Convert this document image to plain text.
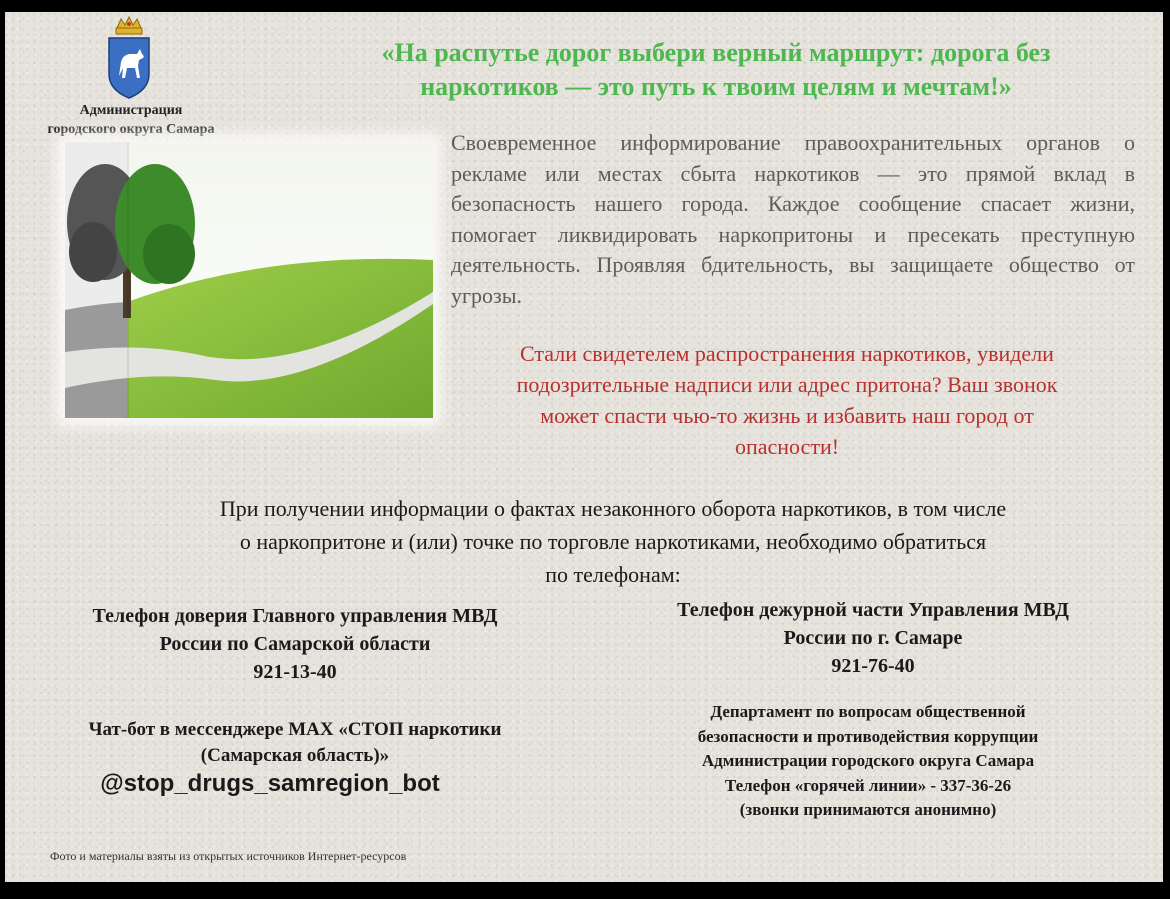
Администрация
городского округа Самара
«На распутье дорог выбери верный маршрут: дорога без
наркотиков — это путь к твоим целям и мечтам!»
Своевременное информирование правоохранительных органов о рекламе или местах сбыта наркотиков — это прямой вклад в безопасность нашего города. Каждое сообщение спасает жизни, помогает ликвидировать наркопритоны и пресекать преступную деятельность. Проявляя бдительность, вы защищаете общество от угрозы.
Стали свидетелем распространения наркотиков, увидели
подозрительные надписи или адрес притона? Ваш звонок
может спасти чью-то жизнь и избавить наш город от
опасности!
При получении информации о фактах незаконного оборота наркотиков, в том числе
о наркопритоне и (или) точке по торговле наркотиками, необходимо обратиться
по телефонам:
Телефон доверия Главного управления МВД
России по Самарской области
921-13-40
Телефон дежурной части Управления МВД
России по г. Самаре
921-76-40
Чат-бот в мессенджере MAX «СТОП наркотики
(Самарская область)»
@stop_drugs_samregion_bot
Департамент по вопросам общественной
безопасности и противодействия коррупции
Администрации городского округа Самара
Телефон «горячей линии» - 337-36-26
(звонки принимаются анонимно)
Фото и материалы взяты из открытых источников Интернет-ресурсов
